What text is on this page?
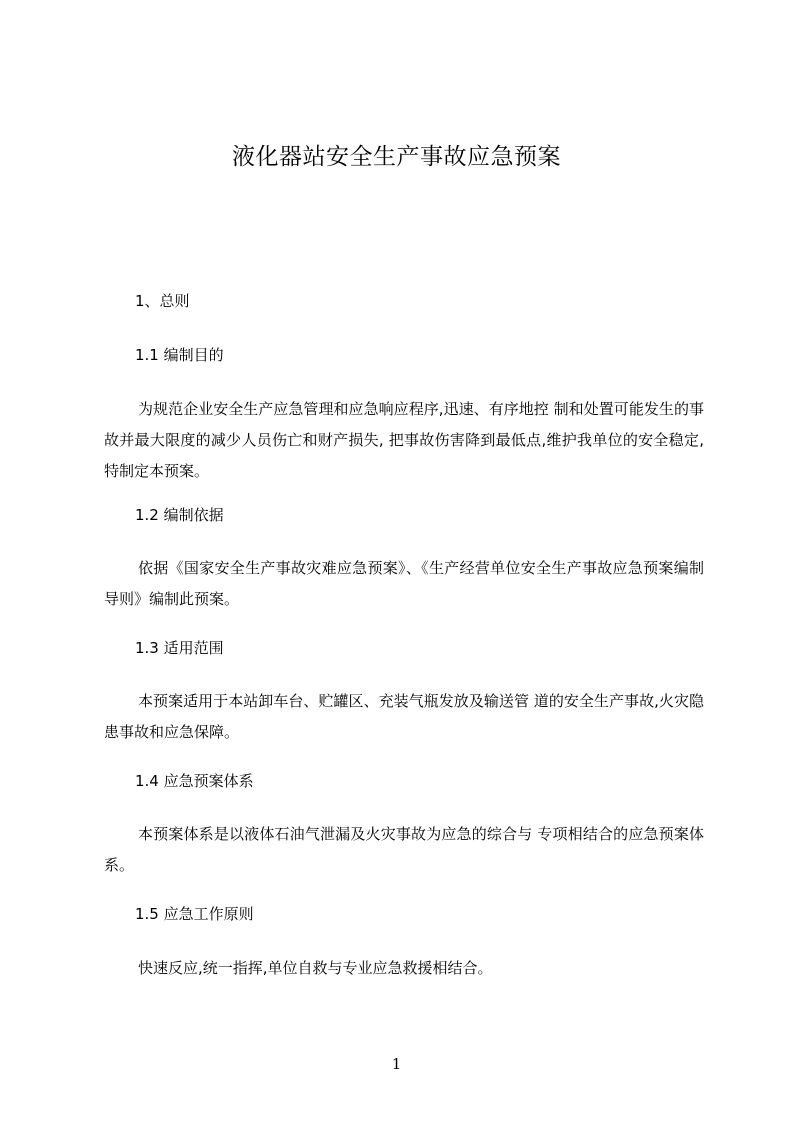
液化器站安全生产事故应急预案
1、总则
1.1 编制目的
为规范企业安全生产应急管理和应急响应程序,迅速、有序地控 制和处置可能发生的事故并最大限度的减少人员伤亡和财产损失, 把事故伤害降到最低点,维护我单位的安全稳定,特制定本预案。
1.2 编制依据
依据《国家安全生产事故灾难应急预案》、《生产经营单位安全生产事故应急预案编制导则》编制此预案。
1.3 适用范围
本预案适用于本站卸车台、贮罐区、充装气瓶发放及输送管 道的安全生产事故,火灾隐患事故和应急保障。
1.4 应急预案体系
本预案体系是以液体石油气泄漏及火灾事故为应急的综合与 专项相结合的应急预案体系。
1.5 应急工作原则
快速反应,统一指挥,单位自救与专业应急救援相结合。
1
